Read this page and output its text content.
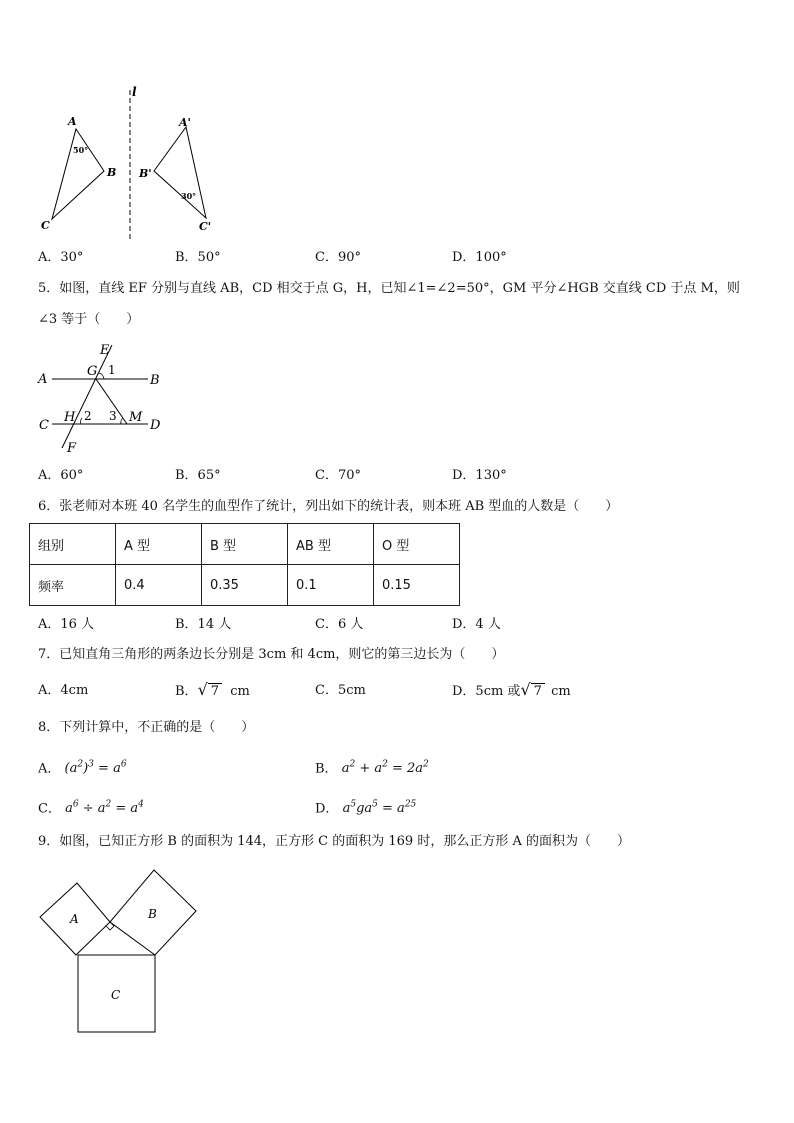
l
A
B
C
50°
A'
B'
C'
30°
A．30°	B．50°	C．90°	D．100°
5．如图，直线 EF 分别与直线 AB，CD 相交于点 G，H，已知∠1=∠2=50°，GM 平分∠HGB 交直线 CD 于点 M，则
∠3 等于（　　）
A	B
C	D
E
F
G
H	M
1
2 3
A．60°	B．65°	C．70°	D．130°
6．张老师对本班 40 名学生的血型作了统计，列出如下的统计表，则本班 AB 型血的人数是（　　）
组别	A 型	B 型	AB 型	O 型
频率	0.4	0.35	0.1	0.15
A．16 人	B．14 人	C．6 人	D．4 人
7．已知直角三角形的两条边长分别是 3cm 和 4cm，则它的第三边长为（　　）
A．4cm	B．√ 7 cm	C．5cm	D．5cm 或√ 7 cm
8．下列计算中，不正确的是（　　）
A． $(a^2)^3 = a^6$	B． $a^2 + a^2 = 2a^2$
C． $a^6 \div a^2 = a^4$	D． $a^5ga^5 = a^{25}$
9．如图，已知正方形 B 的面积为 144，正方形 C 的面积为 169 时，那么正方形 A 的面积为（　　）
A	B
C
